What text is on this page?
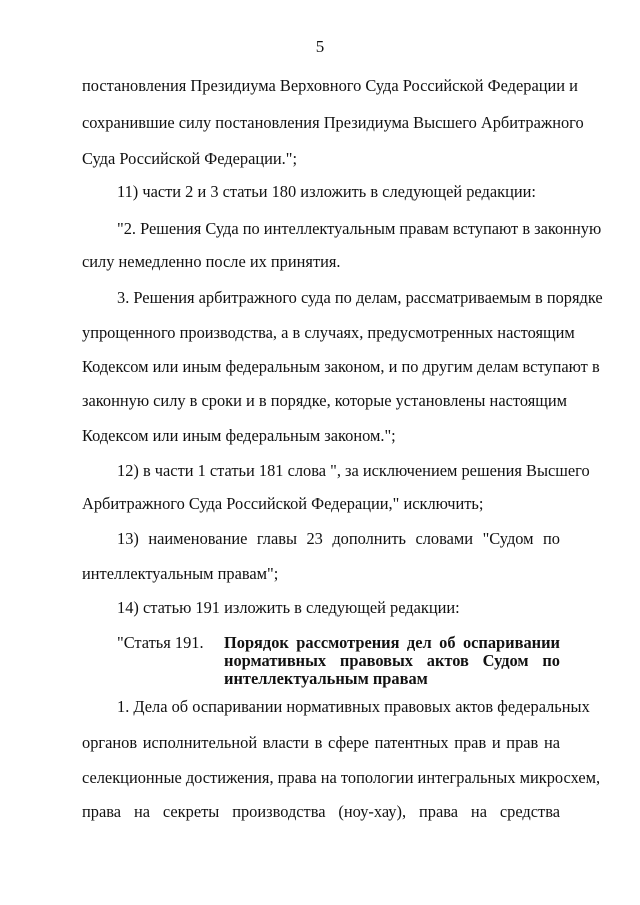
5
постановления Президиума Верховного Суда Российской Федерации и
сохранившие силу постановления Президиума Высшего Арбитражного
Суда Российской Федерации.";
11) части 2 и 3 статьи 180 изложить в следующей редакции:
"2. Решения Суда по интеллектуальным правам вступают в законную
силу немедленно после их принятия.
3. Решения арбитражного суда по делам, рассматриваемым в порядке
упрощенного производства, а в случаях, предусмотренных настоящим
Кодексом или иным федеральным законом, и по другим делам вступают в
законную силу в сроки и в порядке, которые установлены настоящим
Кодексом или иным федеральным законом.";
12) в части 1 статьи 181 слова ", за исключением решения Высшего
Арбитражного Суда Российской Федерации," исключить;
13) наименование главы 23 дополнить словами "Судом по
интеллектуальным правам";
14) статью 191 изложить в следующей редакции:
1. Дела об оспаривании нормативных правовых актов федеральных
органов исполнительной власти в сфере патентных прав и прав на
селекционные достижения, права на топологии интегральных микросхем,
права на секреты производства (ноу-хау), права на средства
"Статья 191. Порядок рассмотрения дел об оспаривании
нормативных правовых актов Судом по
интеллектуальным правам
